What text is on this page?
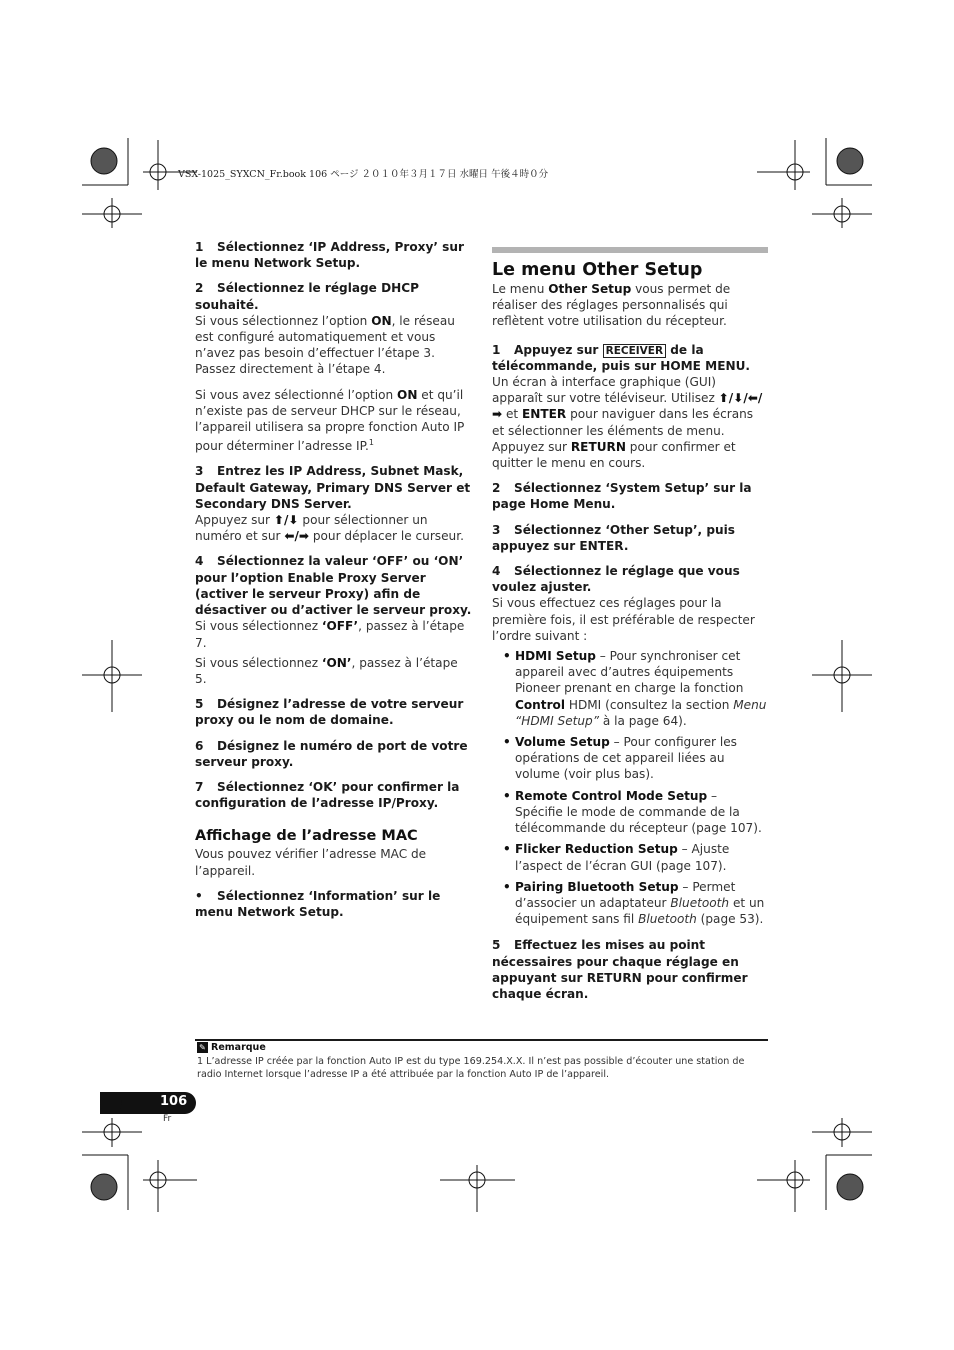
VSX-1025_SYXCN_Fr.book 106 ページ ２０１０年３月１７日 水曜日 午後４時０分

1 Sélectionnez ‘IP Address, Proxy’ sur le menu Network Setup.

2 Sélectionnez le réglage DHCP souhaité.

Si vous sélectionnez l’option ON, le réseau est configuré automatiquement et vous n’avez pas besoin d’effectuer l’étape 3. Passez directement à l’étape 4.

Si vous avez sélectionné l’option ON et qu’il n’existe pas de serveur DHCP sur le réseau, l’appareil utilisera sa propre fonction Auto IP pour déterminer l’adresse IP.$^1$

3 Entrez les IP Address, Subnet Mask, Default Gateway, Primary DNS Server et Secondary DNS Server.

Appuyez sur ⬆/⬇ pour sélectionner un numéro et sur ⬅/➡ pour déplacer le curseur.

4 Sélectionnez la valeur ‘OFF’ ou ‘ON’ pour l’option Enable Proxy Server (activer le serveur Proxy) afin de désactiver ou d’activer le serveur proxy.

Si vous sélectionnez ‘OFF’, passez à l’étape 7.

Si vous sélectionnez ‘ON’, passez à l’étape 5.

5 Désignez l’adresse de votre serveur proxy ou le nom de domaine.

6 Désignez le numéro de port de votre serveur proxy.

7 Sélectionnez ‘OK’ pour confirmer la configuration de l’adresse IP/Proxy.

Affichage de l’adresse MAC

Vous pouvez vérifier l’adresse MAC de l’appareil.

• Sélectionnez ‘Information’ sur le menu Network Setup.

Le menu Other Setup

Le menu Other Setup vous permet de réaliser des réglages personnalisés qui reflètent votre utilisation du récepteur.

1 Appuyez sur RECEIVER de la télécommande, puis sur HOME MENU.

Un écran à interface graphique (GUI) apparaît sur votre téléviseur. Utilisez ⬆/⬇/⬅/➡ et ENTER pour naviguer dans les écrans et sélectionner les éléments de menu. Appuyez sur RETURN pour confirmer et quitter le menu en cours.

2 Sélectionnez ‘System Setup’ sur la page Home Menu.

3 Sélectionnez ‘Other Setup’, puis appuyez sur ENTER.

4 Sélectionnez le réglage que vous voulez ajuster.

Si vous effectuez ces réglages pour la première fois, il est préférable de respecter l’ordre suivant :

• HDMI Setup – Pour synchroniser cet appareil avec d’autres équipements Pioneer prenant en charge la fonction Control HDMI (consultez la section Menu “HDMI Setup” à la page 64).
• Volume Setup – Pour configurer les opérations de cet appareil liées au volume (voir plus bas).
• Remote Control Mode Setup – Spécifie le mode de commande de la télécommande du récepteur (page 107).
• Flicker Reduction Setup – Ajuste l’aspect de l’écran GUI (page 107).
• Pairing Bluetooth Setup – Permet d’associer un adaptateur Bluetooth et un équipement sans fil Bluetooth (page 53).

5 Effectuez les mises au point nécessaires pour chaque réglage en appuyant sur RETURN pour confirmer chaque écran.

✎ Remarque
1 L’adresse IP créée par la fonction Auto IP est du type 169.254.X.X. Il n’est pas possible d’écouter une station de radio Internet lorsque l’adresse IP a été attribuée par la fonction Auto IP de l’appareil.
106
Fr
